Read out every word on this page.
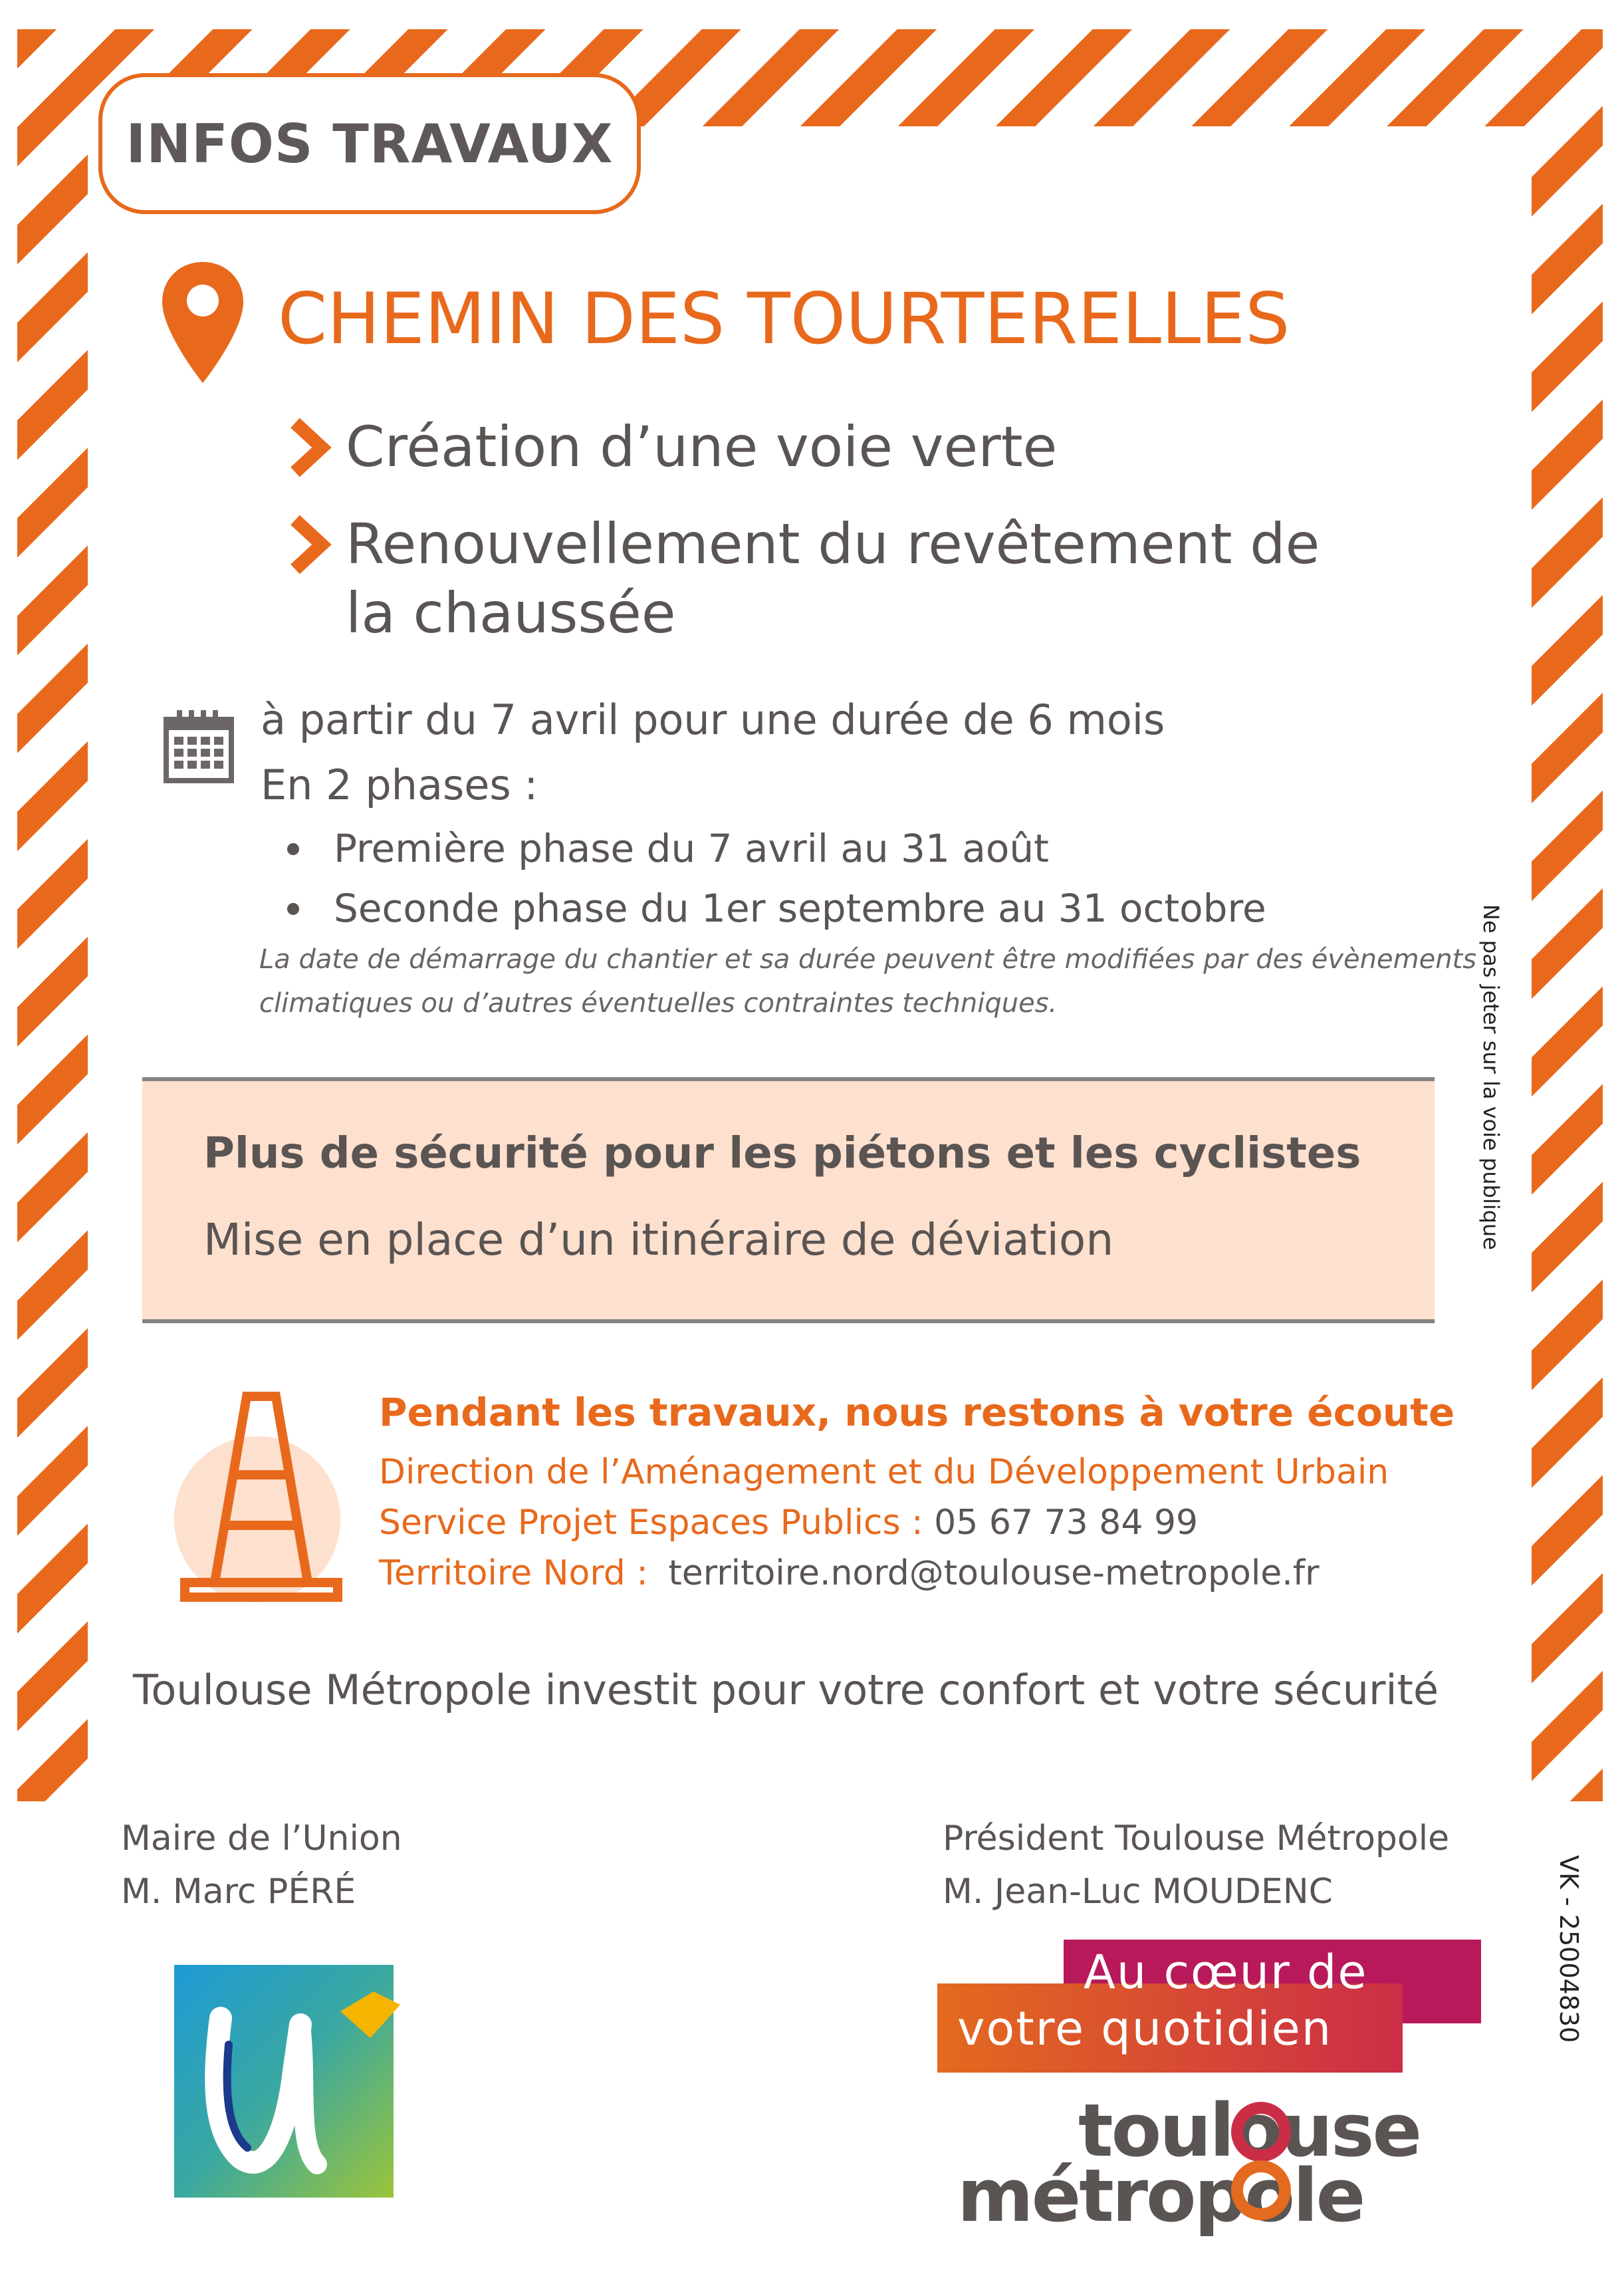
INFOS TRAVAUX
CHEMIN DES TOURTERELLES
Création d’une voie verte
Renouvellement du revêtement de
la chaussée
à partir du 7 avril pour une durée de 6 mois
En 2 phases :
Première phase du 7 avril au 31 août
Seconde phase du 1er septembre au 31 octobre
La date de démarrage du chantier et sa durée peuvent être modifiées par des évènements
climatiques ou d’autres éventuelles contraintes techniques.
Plus de sécurité pour les piétons et les cyclistes
Mise en place d’un itinéraire de déviation
Pendant les travaux, nous restons à votre écoute
Direction de l’Aménagement et du Développement Urbain
Service Projet Espaces Publics : 05 67 73 84 99
Territoire Nord : territoire.nord@toulouse-metropole.fr
Toulouse Métropole investit pour votre confort et votre sécurité
Ne pas jeter sur la voie publique
VK - 25004830
Maire de l’Union
M. Marc PÉRÉ
Président Toulouse Métropole
M. Jean-Luc MOUDENC
Au cœur de
votre quotidien
toulouse
métropole
